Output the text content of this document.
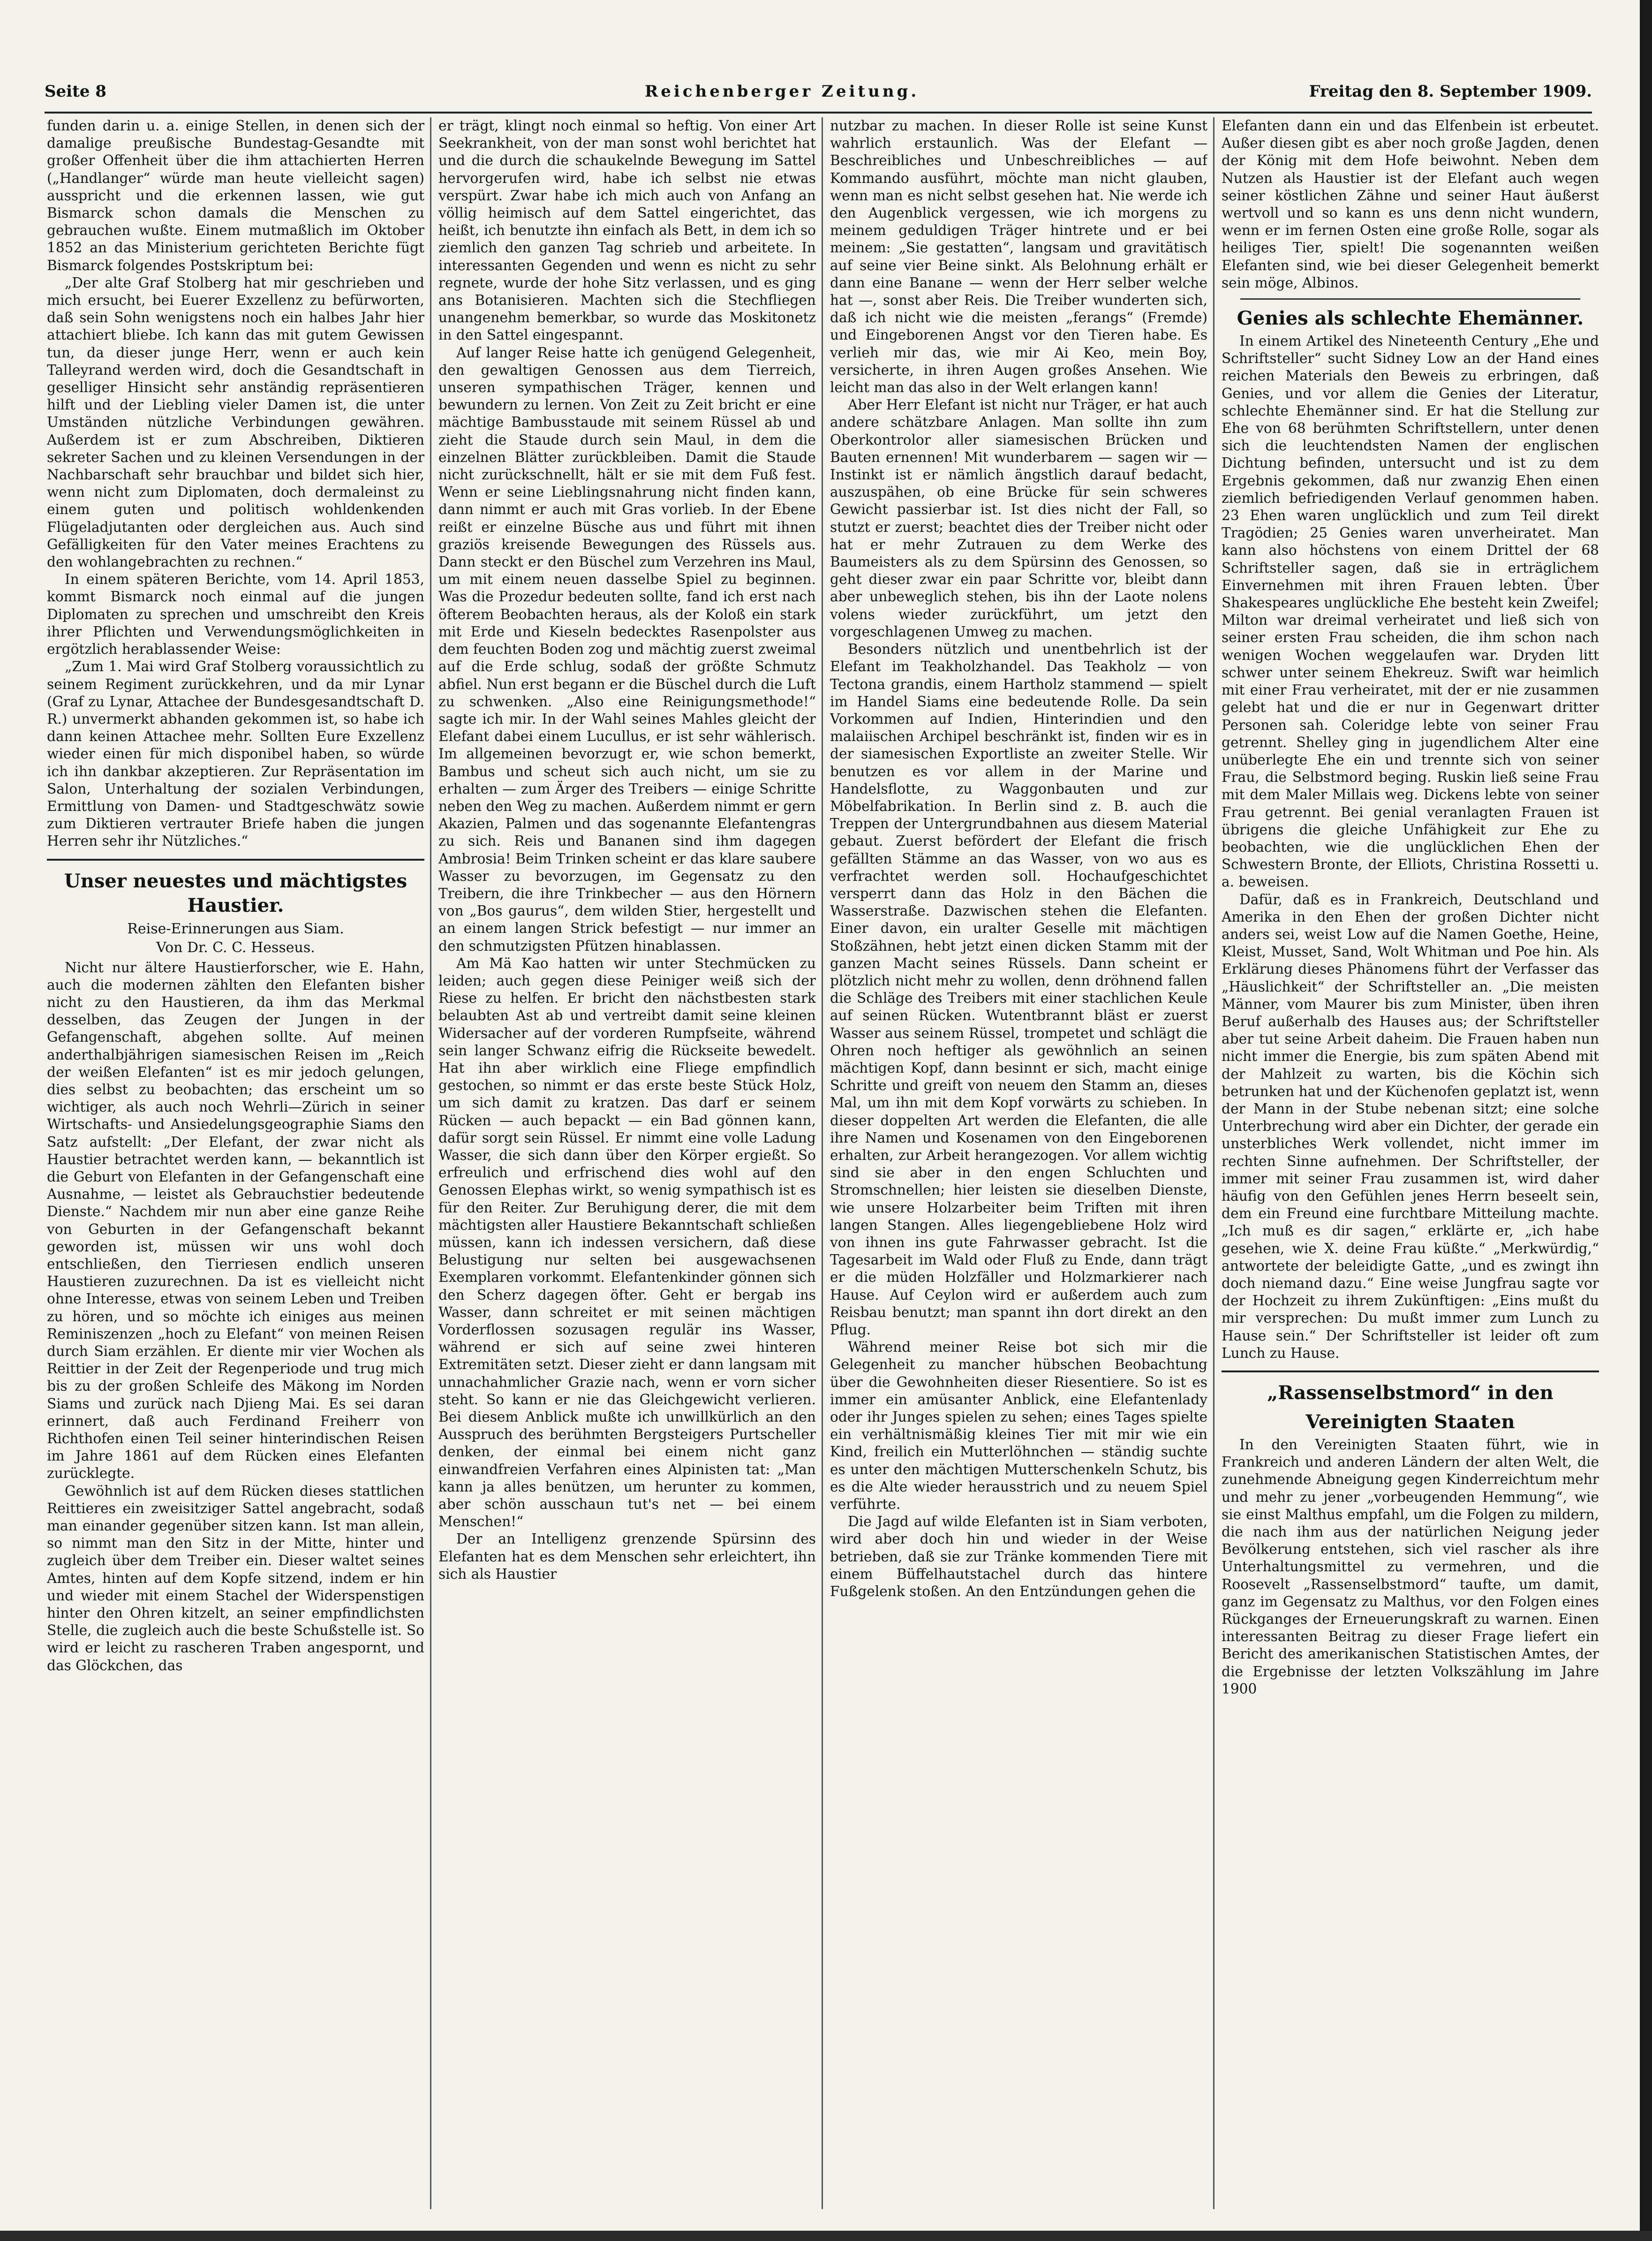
Seite 8	Reichenberger Zeitung.	Freitag den 8. September 1909.

funden darin u. a. einige Stellen, in denen sich der damalige preußische Bundestag-Gesandte mit großer Offenheit über die ihm attachierten Herren („Handlanger“ würde man heute vielleicht sagen) ausspricht und die erkennen lassen, wie gut Bismarck schon damals die Menschen zu gebrauchen wußte. Einem mutmaßlich im Oktober 1852 an das Ministerium gerichteten Berichte fügt Bismarck folgendes Postskriptum bei:

„Der alte Graf Stolberg hat mir geschrieben und mich ersucht, bei Euerer Exzellenz zu befürworten, daß sein Sohn wenigstens noch ein halbes Jahr hier attachiert bliebe. Ich kann das mit gutem Gewissen tun, da dieser junge Herr, wenn er auch kein Talleyrand werden wird, doch die Gesandtschaft in geselliger Hinsicht sehr anständig repräsentieren hilft und der Liebling vieler Damen ist, die unter Umständen nützliche Verbindungen gewähren. Außerdem ist er zum Abschreiben, Diktieren sekreter Sachen und zu kleinen Versendungen in der Nachbarschaft sehr brauchbar und bildet sich hier, wenn nicht zum Diplomaten, doch dermaleinst zu einem guten und politisch wohldenkenden Flügeladjutanten oder dergleichen aus. Auch sind Gefälligkeiten für den Vater meines Erachtens zu den wohlangebrachten zu rechnen.“

In einem späteren Berichte, vom 14. April 1853, kommt Bismarck noch einmal auf die jungen Diplomaten zu sprechen und umschreibt den Kreis ihrer Pflichten und Verwendungsmöglichkeiten in ergötzlich herablassender Weise:

„Zum 1. Mai wird Graf Stolberg voraussichtlich zu seinem Regiment zurückkehren, und da mir Lynar (Graf zu Lynar, Attachee der Bundesgesandtschaft D. R.) unvermerkt abhanden gekommen ist, so habe ich dann keinen Attachee mehr. Sollten Eure Exzellenz wieder einen für mich disponibel haben, so würde ich ihn dankbar akzeptieren. Zur Repräsentation im Salon, Unterhaltung der sozialen Verbindungen, Ermittlung von Damen- und Stadtgeschwätz sowie zum Diktieren vertrauter Briefe haben die jungen Herren sehr ihr Nützliches.“

Unser neuestes und mächtigstes Haustier.
Reise-Erinnerungen aus Siam.
Von Dr. C. C. Hesseus.

Nicht nur ältere Haustierforscher, wie E. Hahn, auch die modernen zählten den Elefanten bisher nicht zu den Haustieren, da ihm das Merkmal desselben, das Zeugen der Jungen in der Gefangenschaft, abgehen sollte. Auf meinen anderthalbjährigen siamesischen Reisen im „Reich der weißen Elefanten“ ist es mir jedoch gelungen, dies selbst zu beobachten; das erscheint um so wichtiger, als auch noch Wehrli—Zürich in seiner Wirtschafts- und Ansiedelungsgeographie Siams den Satz aufstellt: „Der Elefant, der zwar nicht als Haustier betrachtet werden kann, — bekanntlich ist die Geburt von Elefanten in der Gefangenschaft eine Ausnahme, — leistet als Gebrauchstier bedeutende Dienste.“ Nachdem mir nun aber eine ganze Reihe von Geburten in der Gefangenschaft bekannt geworden ist, müssen wir uns wohl doch entschließen, den Tierriesen endlich unseren Haustieren zuzurechnen. Da ist es vielleicht nicht ohne Interesse, etwas von seinem Leben und Treiben zu hören, und so möchte ich einiges aus meinen Reminiszenzen „hoch zu Elefant“ von meinen Reisen durch Siam erzählen. Er diente mir vier Wochen als Reittier in der Zeit der Regenperiode und trug mich bis zu der großen Schleife des Mäkong im Norden Siams und zurück nach Djieng Mai. Es sei daran erinnert, daß auch Ferdinand Freiherr von Richthofen einen Teil seiner hinterindischen Reisen im Jahre 1861 auf dem Rücken eines Elefanten zurücklegte.

Gewöhnlich ist auf dem Rücken dieses stattlichen Reittieres ein zweisitziger Sattel angebracht, sodaß man einander gegenüber sitzen kann. Ist man allein, so nimmt man den Sitz in der Mitte, hinter und zugleich über dem Treiber ein. Dieser waltet seines Amtes, hinten auf dem Kopfe sitzend, indem er hin und wieder mit einem Stachel der Widerspenstigen hinter den Ohren kitzelt, an seiner empfindlichsten Stelle, die zugleich auch die beste Schußstelle ist. So wird er leicht zu rascheren Traben angespornt, und das Glöckchen, das

er trägt, klingt noch einmal so heftig. Von einer Art Seekrankheit, von der man sonst wohl berichtet hat und die durch die schaukelnde Bewegung im Sattel hervorgerufen wird, habe ich selbst nie etwas verspürt. Zwar habe ich mich auch von Anfang an völlig heimisch auf dem Sattel eingerichtet, das heißt, ich benutzte ihn einfach als Bett, in dem ich so ziemlich den ganzen Tag schrieb und arbeitete. In interessanten Gegenden und wenn es nicht zu sehr regnete, wurde der hohe Sitz verlassen, und es ging ans Botanisieren. Machten sich die Stechfliegen unangenehm bemerkbar, so wurde das Moskitonetz in den Sattel eingespannt.

Auf langer Reise hatte ich genügend Gelegenheit, den gewaltigen Genossen aus dem Tierreich, unseren sympathischen Träger, kennen und bewundern zu lernen. Von Zeit zu Zeit bricht er eine mächtige Bambusstaude mit seinem Rüssel ab und zieht die Staude durch sein Maul, in dem die einzelnen Blätter zurückbleiben. Damit die Staude nicht zurückschnellt, hält er sie mit dem Fuß fest. Wenn er seine Lieblingsnahrung nicht finden kann, dann nimmt er auch mit Gras vorlieb. In der Ebene reißt er einzelne Büsche aus und führt mit ihnen graziös kreisende Bewegungen des Rüssels aus. Dann steckt er den Büschel zum Verzehren ins Maul, um mit einem neuen dasselbe Spiel zu beginnen. Was die Prozedur bedeuten sollte, fand ich erst nach öfterem Beobachten heraus, als der Koloß ein stark mit Erde und Kieseln bedecktes Rasenpolster aus dem feuchten Boden zog und mächtig zuerst zweimal auf die Erde schlug, sodaß der größte Schmutz abfiel. Nun erst begann er die Büschel durch die Luft zu schwenken. „Also eine Reinigungsmethode!“ sagte ich mir. In der Wahl seines Mahles gleicht der Elefant dabei einem Lucullus, er ist sehr wählerisch. Im allgemeinen bevorzugt er, wie schon bemerkt, Bambus und scheut sich auch nicht, um sie zu erhalten — zum Ärger des Treibers — einige Schritte neben den Weg zu machen. Außerdem nimmt er gern Akazien, Palmen und das sogenannte Elefantengras zu sich. Reis und Bananen sind ihm dagegen Ambrosia! Beim Trinken scheint er das klare saubere Wasser zu bevorzugen, im Gegensatz zu den Treibern, die ihre Trinkbecher — aus den Hörnern von „Bos gaurus“, dem wilden Stier, hergestellt und an einem langen Strick befestigt — nur immer an den schmutzigsten Pfützen hinablassen.

Am Mä Kao hatten wir unter Stechmücken zu leiden; auch gegen diese Peiniger weiß sich der Riese zu helfen. Er bricht den nächstbesten stark belaubten Ast ab und vertreibt damit seine kleinen Widersacher auf der vorderen Rumpfseite, während sein langer Schwanz eifrig die Rückseite bewedelt. Hat ihn aber wirklich eine Fliege empfindlich gestochen, so nimmt er das erste beste Stück Holz, um sich damit zu kratzen. Das darf er seinem Rücken — auch bepackt — ein Bad gönnen kann, dafür sorgt sein Rüssel. Er nimmt eine volle Ladung Wasser, die sich dann über den Körper ergießt. So erfreulich und erfrischend dies wohl auf den Genossen Elephas wirkt, so wenig sympathisch ist es für den Reiter. Zur Beruhigung derer, die mit dem mächtigsten aller Haustiere Bekanntschaft schließen müssen, kann ich indessen versichern, daß diese Belustigung nur selten bei ausgewachsenen Exemplaren vorkommt. Elefantenkinder gönnen sich den Scherz dagegen öfter. Geht er bergab ins Wasser, dann schreitet er mit seinen mächtigen Vorderflossen sozusagen regulär ins Wasser, während er sich auf seine zwei hinteren Extremitäten setzt. Dieser zieht er dann langsam mit unnachahmlicher Grazie nach, wenn er vorn sicher steht. So kann er nie das Gleichgewicht verlieren. Bei diesem Anblick mußte ich unwillkürlich an den Ausspruch des berühmten Bergsteigers Purtscheller denken, der einmal bei einem nicht ganz einwandfreien Verfahren eines Alpinisten tat: „Man kann ja alles benützen, um herunter zu kommen, aber schön ausschaun tut's net — bei einem Menschen!“

Der an Intelligenz grenzende Spürsinn des Elefanten hat es dem Menschen sehr erleichtert, ihn sich als Haustier

nutzbar zu machen. In dieser Rolle ist seine Kunst wahrlich erstaunlich. Was der Elefant — Beschreibliches und Unbeschreibliches — auf Kommando ausführt, möchte man nicht glauben, wenn man es nicht selbst gesehen hat. Nie werde ich den Augenblick vergessen, wie ich morgens zu meinem geduldigen Träger hintrete und er bei meinem: „Sie gestatten“, langsam und gravitätisch auf seine vier Beine sinkt. Als Belohnung erhält er dann eine Banane — wenn der Herr selber welche hat —, sonst aber Reis. Die Treiber wunderten sich, daß ich nicht wie die meisten „ferangs“ (Fremde) und Eingeborenen Angst vor den Tieren habe. Es verlieh mir das, wie mir Ai Keo, mein Boy, versicherte, in ihren Augen großes Ansehen. Wie leicht man das also in der Welt erlangen kann!

Aber Herr Elefant ist nicht nur Träger, er hat auch andere schätzbare Anlagen. Man sollte ihn zum Oberkontrolor aller siamesischen Brücken und Bauten ernennen! Mit wunderbarem — sagen wir — Instinkt ist er nämlich ängstlich darauf bedacht, auszuspähen, ob eine Brücke für sein schweres Gewicht passierbar ist. Ist dies nicht der Fall, so stutzt er zuerst; beachtet dies der Treiber nicht oder hat er mehr Zutrauen zu dem Werke des Baumeisters als zu dem Spürsinn des Genossen, so geht dieser zwar ein paar Schritte vor, bleibt dann aber unbeweglich stehen, bis ihn der Laote nolens volens wieder zurückführt, um jetzt den vorgeschlagenen Umweg zu machen.

Besonders nützlich und unentbehrlich ist der Elefant im Teakholzhandel. Das Teakholz — von Tectona grandis, einem Hartholz stammend — spielt im Handel Siams eine bedeutende Rolle. Da sein Vorkommen auf Indien, Hinterindien und den malaiischen Archipel beschränkt ist, finden wir es in der siamesischen Exportliste an zweiter Stelle. Wir benutzen es vor allem in der Marine und Handelsflotte, zu Waggonbauten und zur Möbelfabrikation. In Berlin sind z. B. auch die Treppen der Untergrundbahnen aus diesem Material gebaut. Zuerst befördert der Elefant die frisch gefällten Stämme an das Wasser, von wo aus es verfrachtet werden soll. Hochaufgeschichtet versperrt dann das Holz in den Bächen die Wasserstraße. Dazwischen stehen die Elefanten. Einer davon, ein uralter Geselle mit mächtigen Stoßzähnen, hebt jetzt einen dicken Stamm mit der ganzen Macht seines Rüssels. Dann scheint er plötzlich nicht mehr zu wollen, denn dröhnend fallen die Schläge des Treibers mit einer stachlichen Keule auf seinen Rücken. Wutentbrannt bläst er zuerst Wasser aus seinem Rüssel, trompetet und schlägt die Ohren noch heftiger als gewöhnlich an seinen mächtigen Kopf, dann besinnt er sich, macht einige Schritte und greift von neuem den Stamm an, dieses Mal, um ihn mit dem Kopf vorwärts zu schieben. In dieser doppelten Art werden die Elefanten, die alle ihre Namen und Kosenamen von den Eingeborenen erhalten, zur Arbeit herangezogen. Vor allem wichtig sind sie aber in den engen Schluchten und Stromschnellen; hier leisten sie dieselben Dienste, wie unsere Holzarbeiter beim Triften mit ihren langen Stangen. Alles liegengebliebene Holz wird von ihnen ins gute Fahrwasser gebracht. Ist die Tagesarbeit im Wald oder Fluß zu Ende, dann trägt er die müden Holzfäller und Holzmarkierer nach Hause. Auf Ceylon wird er außerdem auch zum Reisbau benutzt; man spannt ihn dort direkt an den Pflug.

Während meiner Reise bot sich mir die Gelegenheit zu mancher hübschen Beobachtung über die Gewohnheiten dieser Riesentiere. So ist es immer ein amüsanter Anblick, eine Elefantenlady oder ihr Junges spielen zu sehen; eines Tages spielte ein verhältnismäßig kleines Tier mit mir wie ein Kind, freilich ein Mutterlöhnchen — ständig suchte es unter den mächtigen Mutterschenkeln Schutz, bis es die Alte wieder herausstrich und zu neuem Spiel verführte.

Die Jagd auf wilde Elefanten ist in Siam verboten, wird aber doch hin und wieder in der Weise betrieben, daß sie zur Tränke kommenden Tiere mit einem Büffelhautstachel durch das hintere Fußgelenk stoßen. An den Entzündungen gehen die

Elefanten dann ein und das Elfenbein ist erbeutet. Außer diesen gibt es aber noch große Jagden, denen der König mit dem Hofe beiwohnt. Neben dem Nutzen als Haustier ist der Elefant auch wegen seiner köstlichen Zähne und seiner Haut äußerst wertvoll und so kann es uns denn nicht wundern, wenn er im fernen Osten eine große Rolle, sogar als heiliges Tier, spielt! Die sogenannten weißen Elefanten sind, wie bei dieser Gelegenheit bemerkt sein möge, Albinos.

Genies als schlechte Ehemänner.

In einem Artikel des Nineteenth Century „Ehe und Schriftsteller“ sucht Sidney Low an der Hand eines reichen Materials den Beweis zu erbringen, daß Genies, und vor allem die Genies der Literatur, schlechte Ehemänner sind. Er hat die Stellung zur Ehe von 68 berühmten Schriftstellern, unter denen sich die leuchtendsten Namen der englischen Dichtung befinden, untersucht und ist zu dem Ergebnis gekommen, daß nur zwanzig Ehen einen ziemlich befriedigenden Verlauf genommen haben. 23 Ehen waren unglücklich und zum Teil direkt Tragödien; 25 Genies waren unverheiratet. Man kann also höchstens von einem Drittel der 68 Schriftsteller sagen, daß sie in erträglichem Einvernehmen mit ihren Frauen lebten. Über Shakespeares unglückliche Ehe besteht kein Zweifel; Milton war dreimal verheiratet und ließ sich von seiner ersten Frau scheiden, die ihm schon nach wenigen Wochen weggelaufen war. Dryden litt schwer unter seinem Ehekreuz. Swift war heimlich mit einer Frau verheiratet, mit der er nie zusammen gelebt hat und die er nur in Gegenwart dritter Personen sah. Coleridge lebte von seiner Frau getrennt. Shelley ging in jugendlichem Alter eine unüberlegte Ehe ein und trennte sich von seiner Frau, die Selbstmord beging. Ruskin ließ seine Frau mit dem Maler Millais weg. Dickens lebte von seiner Frau getrennt. Bei genial veranlagten Frauen ist übrigens die gleiche Unfähigkeit zur Ehe zu beobachten, wie die unglücklichen Ehen der Schwestern Bronte, der Elliots, Christina Rossetti u. a. beweisen.

Dafür, daß es in Frankreich, Deutschland und Amerika in den Ehen der großen Dichter nicht anders sei, weist Low auf die Namen Goethe, Heine, Kleist, Musset, Sand, Wolt Whitman und Poe hin. Als Erklärung dieses Phänomens führt der Verfasser das „Häuslichkeit“ der Schriftsteller an. „Die meisten Männer, vom Maurer bis zum Minister, üben ihren Beruf außerhalb des Hauses aus; der Schriftsteller aber tut seine Arbeit daheim. Die Frauen haben nun nicht immer die Energie, bis zum späten Abend mit der Mahlzeit zu warten, bis die Köchin sich betrunken hat und der Küchenofen geplatzt ist, wenn der Mann in der Stube nebenan sitzt; eine solche Unterbrechung wird aber ein Dichter, der gerade ein unsterbliches Werk vollendet, nicht immer im rechten Sinne aufnehmen. Der Schriftsteller, der immer mit seiner Frau zusammen ist, wird daher häufig von den Gefühlen jenes Herrn beseelt sein, dem ein Freund eine furchtbare Mitteilung machte. „Ich muß es dir sagen,“ erklärte er, „ich habe gesehen, wie X. deine Frau küßte.“ „Merkwürdig,“ antwortete der beleidigte Gatte, „und es zwingt ihn doch niemand dazu.“ Eine weise Jungfrau sagte vor der Hochzeit zu ihrem Zukünftigen: „Eins mußt du mir versprechen: Du mußt immer zum Lunch zu Hause sein.“ Der Schriftsteller ist leider oft zum Lunch zu Hause.

„Rassenselbstmord“ in den
Vereinigten Staaten

In den Vereinigten Staaten führt, wie in Frankreich und anderen Ländern der alten Welt, die zunehmende Abneigung gegen Kinderreichtum mehr und mehr zu jener „vorbeugenden Hemmung“, wie sie einst Malthus empfahl, um die Folgen zu mildern, die nach ihm aus der natürlichen Neigung jeder Bevölkerung entstehen, sich viel rascher als ihre Unterhaltungsmittel zu vermehren, und die Roosevelt „Rassenselbstmord“ taufte, um damit, ganz im Gegensatz zu Malthus, vor den Folgen eines Rückganges der Erneuerungskraft zu warnen. Einen interessanten Beitrag zu dieser Frage liefert ein Bericht des amerikanischen Statistischen Amtes, der die Ergebnisse der letzten Volkszählung im Jahre 1900
